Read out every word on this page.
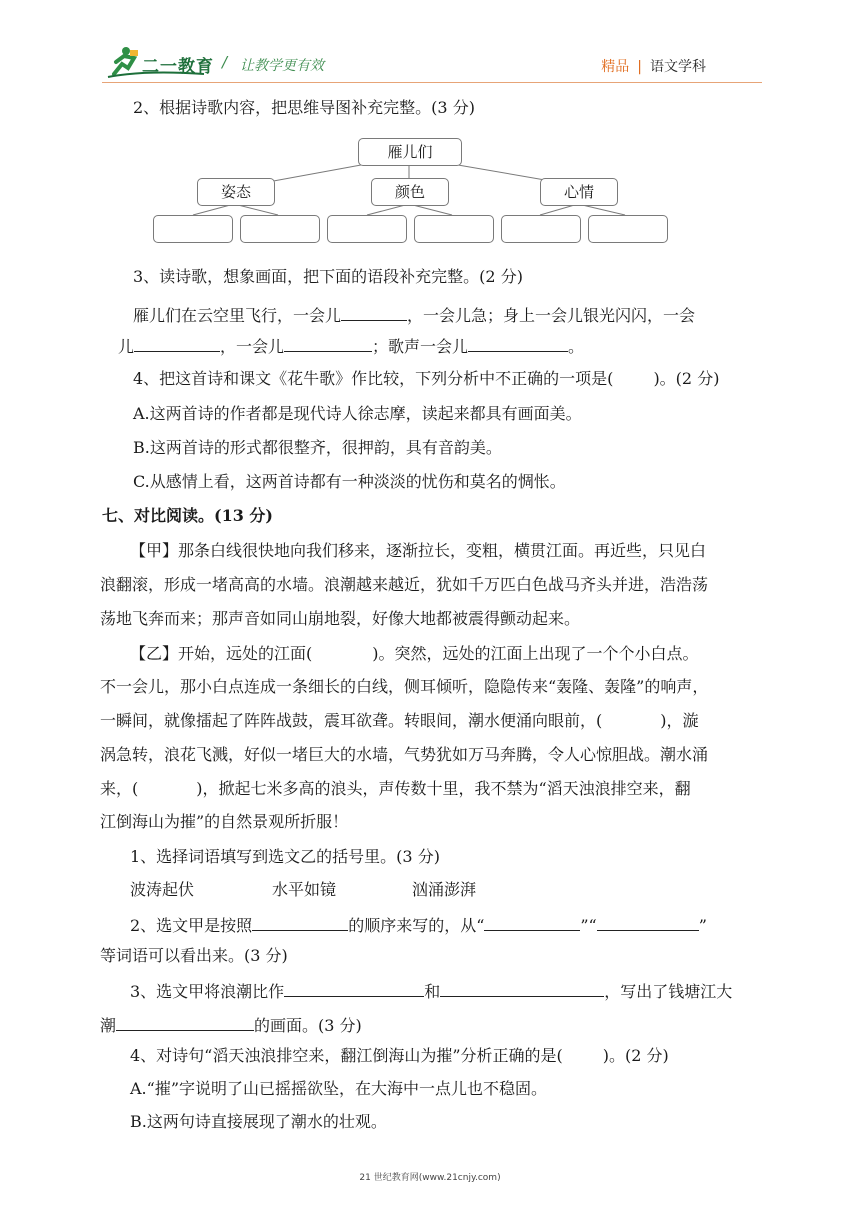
二一教育 / 让教学更有效	精品 | 语文学科
2、根据诗歌内容，把思维导图补充完整。(3 分)
雁儿们
姿态	颜色	心情
3、读诗歌，想象画面，把下面的语段补充完整。(2 分)
雁儿们在云空里飞行，一会儿	，一会儿急；身上一会儿银光闪闪，一会
儿	，一会儿	；歌声一会儿	。
4、把这首诗和课文《花牛歌》作比较，下列分析中不正确的一项是(	)。(2 分)
A.这两首诗的作者都是现代诗人徐志摩，读起来都具有画面美。
B.这两首诗的形式都很整齐，很押韵，具有音韵美。
C.从感情上看，这两首诗都有一种淡淡的忧伤和莫名的惆怅。
七、对比阅读。(13 分)
【甲】那条白线很快地向我们移来，逐渐拉长，变粗，横贯江面。再近些，只见白
浪翻滚，形成一堵高高的水墙。浪潮越来越近，犹如千万匹白色战马齐头并进，浩浩荡
荡地飞奔而来；那声音如同山崩地裂，好像大地都被震得颤动起来。
【乙】开始，远处的江面(	)。突然，远处的江面上出现了一个个小白点。
不一会儿，那小白点连成一条细长的白线，侧耳倾听，隐隐传来“轰隆、轰隆”的响声，
一瞬间，就像擂起了阵阵战鼓，震耳欲聋。转眼间，潮水便涌向眼前，(	)，漩
涡急转，浪花飞溅，好似一堵巨大的水墙，气势犹如万马奔腾，令人心惊胆战。潮水涌
来，(	)，掀起七米多高的浪头，声传数十里，我不禁为“滔天浊浪排空来，翻
江倒海山为摧”的自然景观所折服！
1、选择词语填写到选文乙的括号里。(3 分)
波涛起伏	水平如镜	汹涌澎湃
2、选文甲是按照	的顺序来写的，从“	”“	”
等词语可以看出来。(3 分)
3、选文甲将浪潮比作	和	，写出了钱塘江大
潮	的画面。(3 分)
4、对诗句“滔天浊浪排空来，翻江倒海山为摧”分析正确的是(	)。(2 分)
A.“摧”字说明了山已摇摇欲坠，在大海中一点儿也不稳固。
B.这两句诗直接展现了潮水的壮观。
21 世纪教育网(www.21cnjy.com)
